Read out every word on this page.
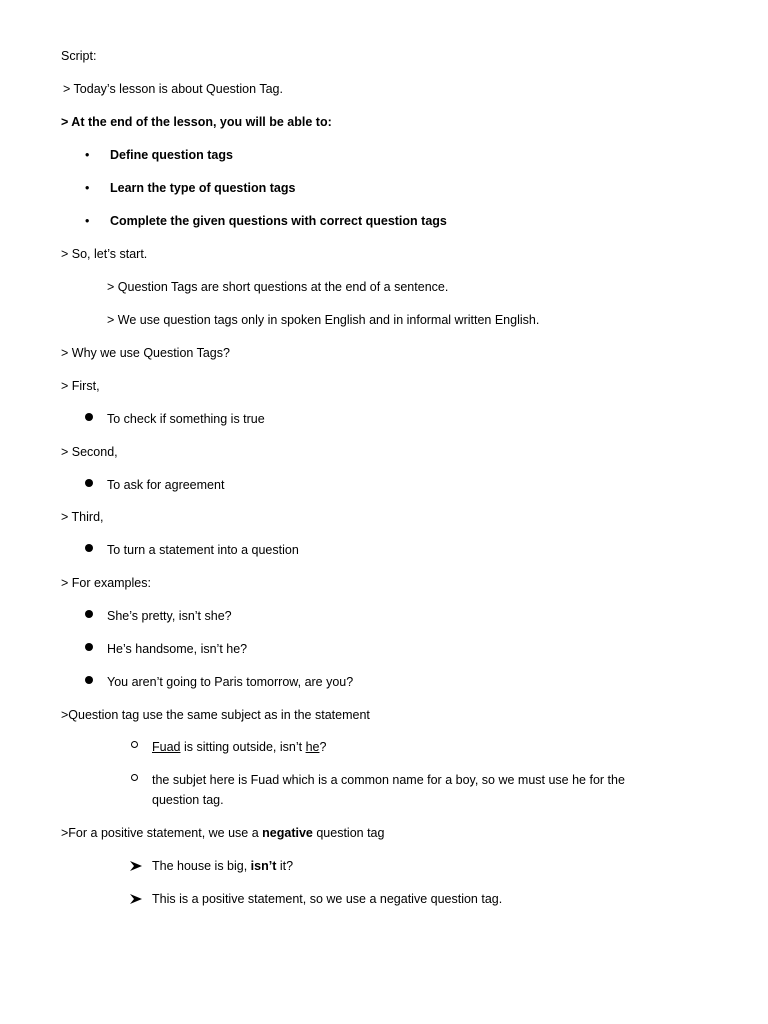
Script:
> Today’s lesson is about Question Tag.
> At the end of the lesson, you will be able to:
• Define question tags
• Learn the type of question tags
• Complete the given questions with correct question tags
> So, let’s start.
> Question Tags are short questions at the end of a sentence.
> We use question tags only in spoken English and in informal written English.
> Why we use Question Tags?
> First,
To check if something is true
> Second,
To ask for agreement
> Third,
To turn a statement into a question
> For examples:
She’s pretty, isn’t she?
He’s handsome, isn’t he?
You aren’t going to Paris tomorrow, are you?
>Question tag use the same subject as in the statement
Fuad is sitting outside, isn’t he?
the subjet here is Fuad which is a common name for a boy, so we must use he for the
question tag.
>For a positive statement, we use a negative question tag
The house is big, isn’t it?
This is a positive statement, so we use a negative question tag.
